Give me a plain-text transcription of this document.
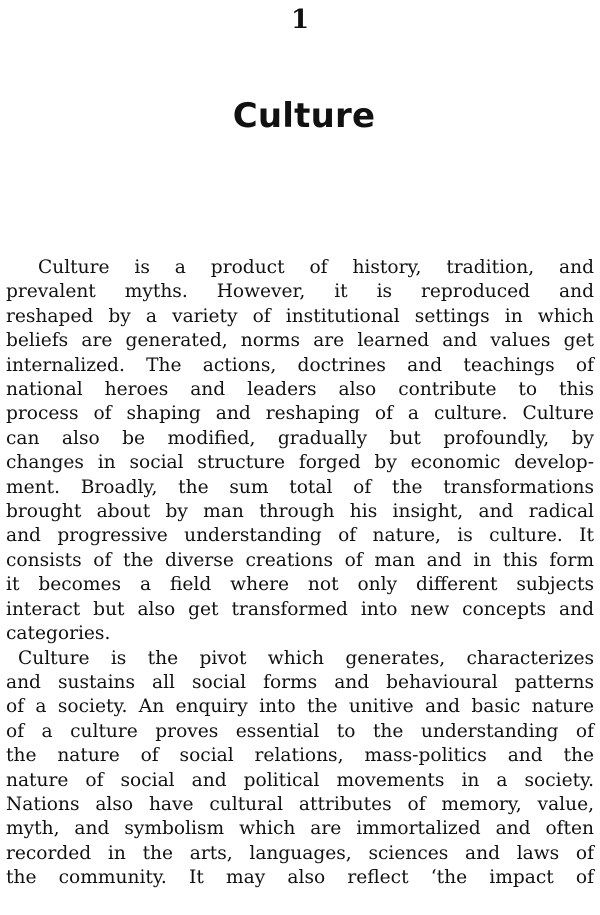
1
Culture
Culture is a product of history, tradition, and
prevalent myths. However, it is reproduced and
reshaped by a variety of institutional settings in which
beliefs are generated, norms are learned and values get
internalized. The actions, doctrines and teachings of
national heroes and leaders also contribute to this
process of shaping and reshaping of a culture. Culture
can also be modified, gradually but profoundly, by
changes in social structure forged by economic develop-
ment. Broadly, the sum total of the transformations
brought about by man through his insight, and radical
and progressive understanding of nature, is culture. It
consists of the diverse creations of man and in this form
it becomes a field where not only different subjects
interact but also get transformed into new concepts and
categories.
Culture is the pivot which generates, characterizes
and sustains all social forms and behavioural patterns
of a society. An enquiry into the unitive and basic nature
of a culture proves essential to the understanding of
the nature of social relations, mass-politics and the
nature of social and political movements in a society.
Nations also have cultural attributes of memory, value,
myth, and symbolism which are immortalized and often
recorded in the arts, languages, sciences and laws of
the community. It may also reflect ʻthe impact of
